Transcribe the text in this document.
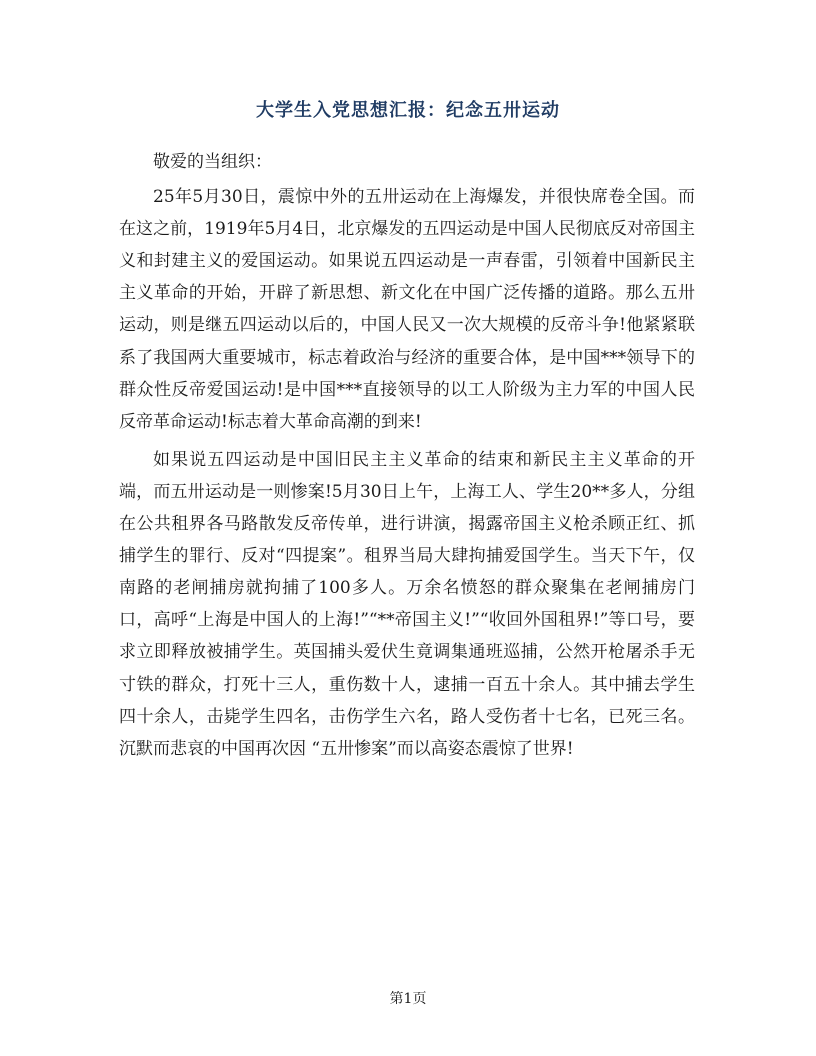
大学生入党思想汇报：纪念五卅运动

敬爱的当组织：

25年5月30日，震惊中外的五卅运动在上海爆发，并很快席卷全国。而在这之前，1919年5月4日，北京爆发的五四运动是中国人民彻底反对帝国主义和封建主义的爱国运动。如果说五四运动是一声春雷，引领着中国新民主主义革命的开始，开辟了新思想、新文化在中国广泛传播的道路。那么五卅运动，则是继五四运动以后的，中国人民又一次大规模的反帝斗争!他紧紧联系了我国两大重要城市，标志着政治与经济的重要合体，是中国***领导下的群众性反帝爱国运动!是中国***直接领导的以工人阶级为主力军的中国人民反帝革命运动!标志着大革命高潮的到来!

如果说五四运动是中国旧民主主义革命的结束和新民主主义革命的开端，而五卅运动是一则惨案!5月30日上午，上海工人、学生20**多人，分组在公共租界各马路散发反帝传单，进行讲演，揭露帝国主义枪杀顾正红、抓捕学生的罪行、反对“四提案”。租界当局大肆拘捕爱国学生。当天下午，仅南路的老闸捕房就拘捕了100多人。万余名愤怒的群众聚集在老闸捕房门口，高呼“上海是中国人的上海!”“**帝国主义!”“收回外国租界!”等口号，要求立即释放被捕学生。英国捕头爱伏生竟调集通班巡捕，公然开枪屠杀手无寸铁的群众，打死十三人，重伤数十人，逮捕一百五十余人。其中捕去学生四十余人，击毙学生四名，击伤学生六名，路人受伤者十七名，已死三名。沉默而悲哀的中国再次因 “五卅惨案”而以高姿态震惊了世界!

第1页
